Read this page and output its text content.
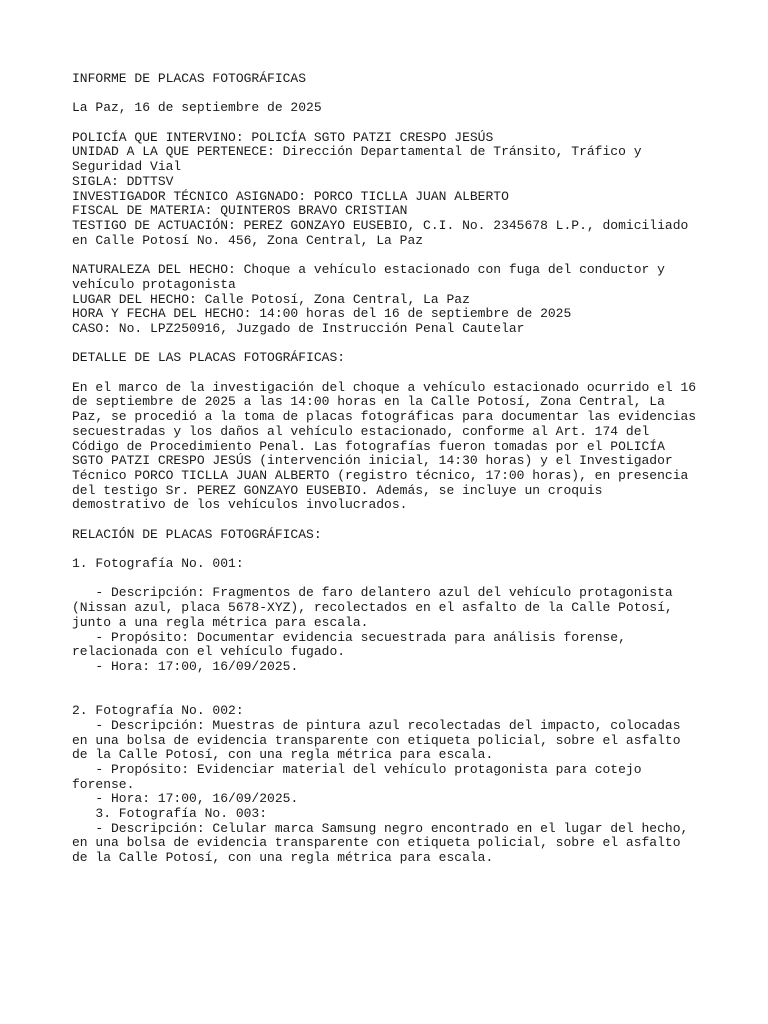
INFORME DE PLACAS FOTOGRÁFICAS
La Paz, 16 de septiembre de 2025
POLICÍA QUE INTERVINO: POLICÍA SGTO PATZI CRESPO JESÚS
UNIDAD A LA QUE PERTENECE: Dirección Departamental de Tránsito, Tráfico y Seguridad Vial
SIGLA: DDTTSV
INVESTIGADOR TÉCNICO ASIGNADO: PORCO TICLLA JUAN ALBERTO
FISCAL DE MATERIA: QUINTEROS BRAVO CRISTIAN
TESTIGO DE ACTUACIÓN: PEREZ GONZAYO EUSEBIO, C.I. No. 2345678 L.P., domiciliado en Calle Potosí No. 456, Zona Central, La Paz
NATURALEZA DEL HECHO: Choque a vehículo estacionado con fuga del conductor y vehículo protagonista
LUGAR DEL HECHO: Calle Potosí, Zona Central, La Paz
HORA Y FECHA DEL HECHO: 14:00 horas del 16 de septiembre de 2025
CASO: No. LPZ250916, Juzgado de Instrucción Penal Cautelar
DETALLE DE LAS PLACAS FOTOGRÁFICAS:
En el marco de la investigación del choque a vehículo estacionado ocurrido el 16 de septiembre de 2025 a las 14:00 horas en la Calle Potosí, Zona Central, La Paz, se procedió a la toma de placas fotográficas para documentar las evidencias secuestradas y los daños al vehículo estacionado, conforme al Art. 174 del Código de Procedimiento Penal. Las fotografías fueron tomadas por el POLICÍA SGTO PATZI CRESPO JESÚS (intervención inicial, 14:30 horas) y el Investigador Técnico PORCO TICLLA JUAN ALBERTO (registro técnico, 17:00 horas), en presencia del testigo Sr. PEREZ GONZAYO EUSEBIO. Además, se incluye un croquis demostrativo de los vehículos involucrados.
RELACIÓN DE PLACAS FOTOGRÁFICAS:
1. Fotografía No. 001:
- Descripción: Fragmentos de faro delantero azul del vehículo protagonista (Nissan azul, placa 5678-XYZ), recolectados en el asfalto de la Calle Potosí, junto a una regla métrica para escala.
- Propósito: Documentar evidencia secuestrada para análisis forense, relacionada con el vehículo fugado.
- Hora: 17:00, 16/09/2025.
2. Fotografía No. 002:
- Descripción: Muestras de pintura azul recolectadas del impacto, colocadas en una bolsa de evidencia transparente con etiqueta policial, sobre el asfalto de la Calle Potosí, con una regla métrica para escala.
- Propósito: Evidenciar material del vehículo protagonista para cotejo forense.
- Hora: 17:00, 16/09/2025.
3. Fotografía No. 003:
- Descripción: Celular marca Samsung negro encontrado en el lugar del hecho, en una bolsa de evidencia transparente con etiqueta policial, sobre el asfalto de la Calle Potosí, con una regla métrica para escala.
